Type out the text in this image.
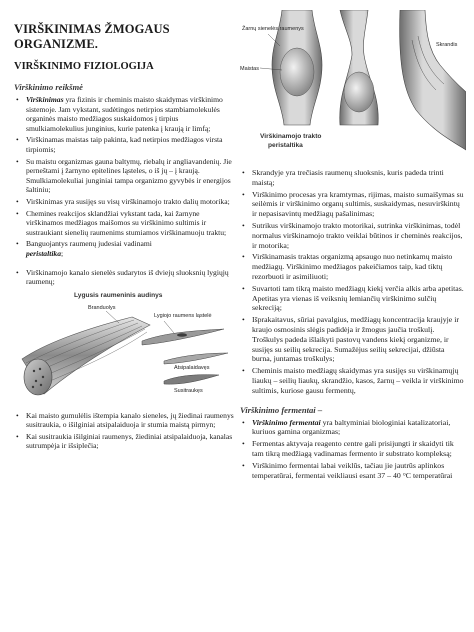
VIRŠKINIMAS ŽMOGAUS
ORGANIZME.
VIRŠKINIMO FIZIOLOGIJA
Virškinimo reikšmė
• Virškinimas yra fizinis ir cheminis maisto skaidymas virškinimo sistemoje. Jam vykstant, sudėtingos netirpios stambiamolekulės organinės maisto medžiagos suskaidomos į tirpius smulkiamolekulius junginius, kurie patenka į kraują ir limfą;
• Virškinamas maistas taip pakinta, kad netirpios medžiagos virsta tirpiomis;
• Su maistu organizmas gauna baltymų, riebalų ir angliavandenių. Jie perneštami į žarnyno epitelines ląsteles, o iš jų – į kraują. Smulkiamolekuliai junginiai tampa organizmo gyvybės ir energijos šaltiniu;
• Virškinimas yra susijęs su visų virškinamojo trakto dalių motorika;
• Chemines reakcijos sklandžiai vykstant tada, kai žarnyne virškinamos medžiagos maišomos su virškinimo sultimis ir sustraukiant sienelių raumenims stumiamos virškinamuoju traktu;
• Banguojantys raumenų judesiai vadinami
peristaltika;
• Virškinamojo kanalo sienelės sudarytos iš dviejų sluoksnių lygiųjų raumenų;
Lygusis raumeninis audinys
Branduolys
Lygiojo raumens ląstelė
Atsipalaidavęs
Susitraukęs
• Kai maisto gumulėlis ištempia kanalo sieneles, jų žiedinai raumenys susitraukia, o išilginiai atsipalaiduoja ir stumia maistą pirmyn;
• Kai susitraukia išilginiai raumenys, žiediniai atsipalaiduoja, kanalas sutrumpėja ir išsiplečia;
Žarnų sienelės raumenys
Maistas
Skrandis
Virškinamojo trakto
peristaltika
• Skrandyje yra trečiasis raumenų sluoksnis, kuris padeda trinti maistą;
• Virškinimo procesas yra kramtymas, rijimas, maisto sumaišymas su seilėmis ir virškinimo organų sultimis, suskaidymas, nesuvirškintų ir nepasisavintų medžiagų pašalinimas;
• Sutrikus virškinamojo trakto motorikai, sutrinka virškinimas, todėl normalus virškinamojo trakto veiklai būtinos ir cheminės reakcijos, ir motorika;
• Virškinamasis traktas organizmą apsaugo nuo netinkamų maisto medžiagų. Virškinimo medžiagos pakeičiamos taip, kad tiktų rezorbuoti ir asimiliuoti;
• Suvartoti tam tikrą maisto medžiagų kiekį verčia alkis arba apetitas. Apetitas yra vienas iš veiksnių lemiančių virškinimo sulčių sekreciją;
• Išprakaitavus, sūriai pavalgius, medžiagų koncentracija kraujyje ir kraujo osmosinis slėgis padidėja ir žmogus jaučia troškulį. Troškulys padeda išlaikyti pastovų vandens kiekį organizme, ir susijęs su seilių sekrecija. Sumažėjus seilių sekrecijai, džiūsta burna, juntamas troškulys;
• Cheminis maisto medžiagų skaidymas yra susijęs su virškinamųjų liaukų – seilių liaukų, skrandžio, kasos, žarnų – veikla ir virškinimo sultimis, kuriose gausu fermentų,
Virškinimo fermentai –
• Virškinimo fermentai yra baltyminiai biologiniai katalizatoriai, kuriuos gamina organizmas;
• Fermentas aktyvaja reagento centre gali prisijungti ir skaidyti tik tam tikrą medžiagą vadinamas fermento ir substrato kompleksą;
• Virškinimo fermentai labai veiklūs, tačiau jie jautrūs aplinkos temperatūrai, fermentai veikliausi esant 37 – 40 °C temperatūrai
